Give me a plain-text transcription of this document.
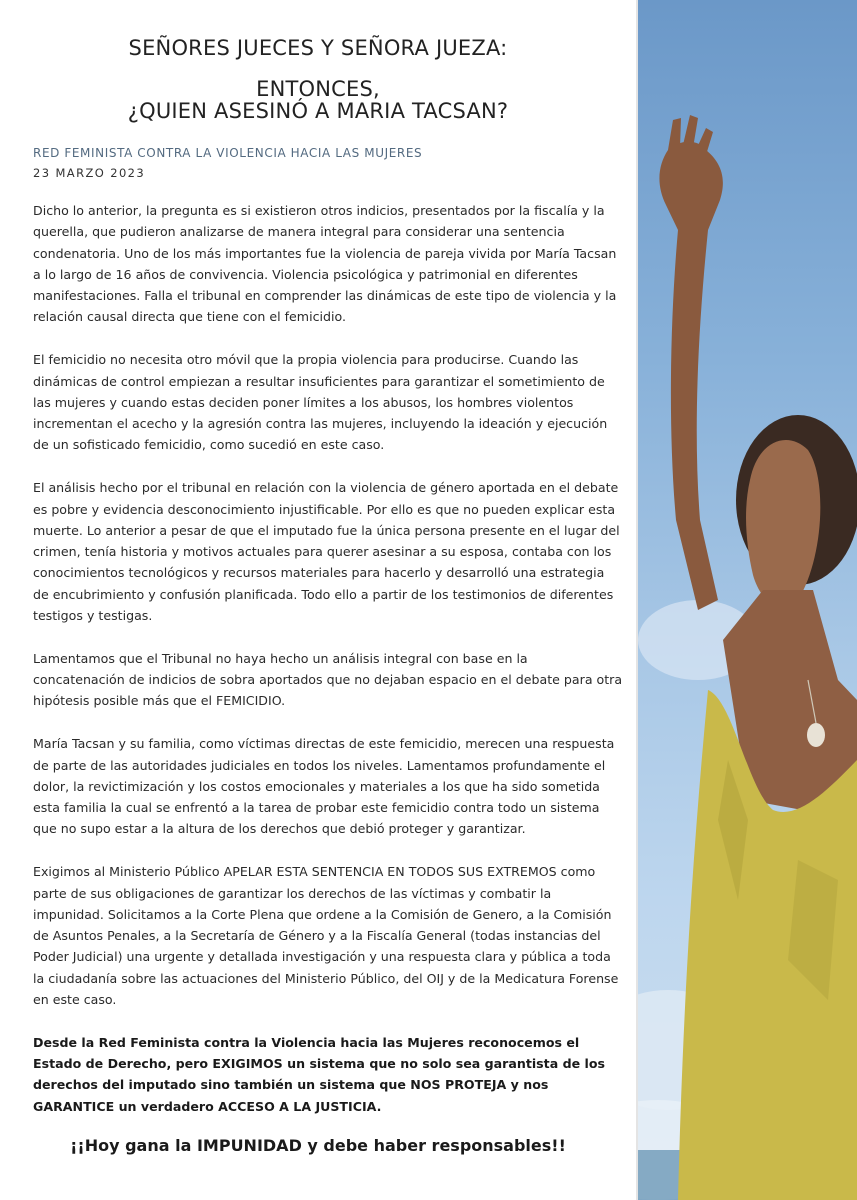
SEÑORES JUECES Y SEÑORA JUEZA:
ENTONCES,
¿QUIEN ASESINÓ A MARIA TACSAN?
RED FEMINISTA CONTRA LA VIOLENCIA HACIA LAS MUJERES
23 MARZO 2023

Dicho lo anterior, la pregunta es si existieron otros indicios, presentados por la fiscalía y la querella, que pudieron analizarse de manera integral para considerar una sentencia condenatoria. Uno de los más importantes fue la violencia de pareja vivida por María Tacsan a lo largo de 16 años de convivencia. Violencia psicológica y patrimonial en diferentes manifestaciones. Falla el tribunal en comprender las dinámicas de este tipo de violencia y la relación causal directa que tiene con el femicidio.

El femicidio no necesita otro móvil que la propia violencia para producirse. Cuando las dinámicas de control empiezan a resultar insuficientes para garantizar el sometimiento de las mujeres y cuando estas deciden poner límites a los abusos, los hombres violentos incrementan el acecho y la agresión contra las mujeres, incluyendo la ideación y ejecución de un sofisticado femicidio, como sucedió en este caso.

El análisis hecho por el tribunal en relación con la violencia de género aportada en el debate es pobre y evidencia desconocimiento injustificable. Por ello es que no pueden explicar esta muerte. Lo anterior a pesar de que el imputado fue la única persona presente en el lugar del crimen, tenía historia y motivos actuales para querer asesinar a su esposa, contaba con los conocimientos tecnológicos y recursos materiales para hacerlo y desarrolló una estrategia de encubrimiento y confusión planificada. Todo ello a partir de los testimonios de diferentes testigos y testigas.

Lamentamos que el Tribunal no haya hecho un análisis integral con base en la concatenación de indicios de sobra aportados que no dejaban espacio en el debate para otra hipótesis posible más que el FEMICIDIO.

María Tacsan y su familia, como víctimas directas de este femicidio, merecen una respuesta de parte de las autoridades judiciales en todos los niveles. Lamentamos profundamente el dolor, la revictimización y los costos emocionales y materiales a los que ha sido sometida esta familia la cual se enfrentó a la tarea de probar este femicidio contra todo un sistema que no supo estar a la altura de los derechos que debió proteger y garantizar.

Exigimos al Ministerio Público APELAR ESTA SENTENCIA EN TODOS SUS EXTREMOS como parte de sus obligaciones de garantizar los derechos de las víctimas y combatir la impunidad. Solicitamos a la Corte Plena que ordene a la Comisión de Genero, a la Comisión de Asuntos Penales, a la Secretaría de Género y a la Fiscalía General (todas instancias del Poder Judicial) una urgente y detallada investigación y una respuesta clara y pública a toda la ciudadanía sobre las actuaciones del Ministerio Público, del OIJ y de la Medicatura Forense en este caso.

Desde la Red Feminista contra la Violencia hacia las Mujeres reconocemos el Estado de Derecho, pero EXIGIMOS un sistema que no solo sea garantista de los derechos del imputado sino también un sistema que NOS PROTEJA y nos GARANTICE un verdadero ACCESO A LA JUSTICIA.

¡¡Hoy gana la IMPUNIDAD y debe haber responsables!!
